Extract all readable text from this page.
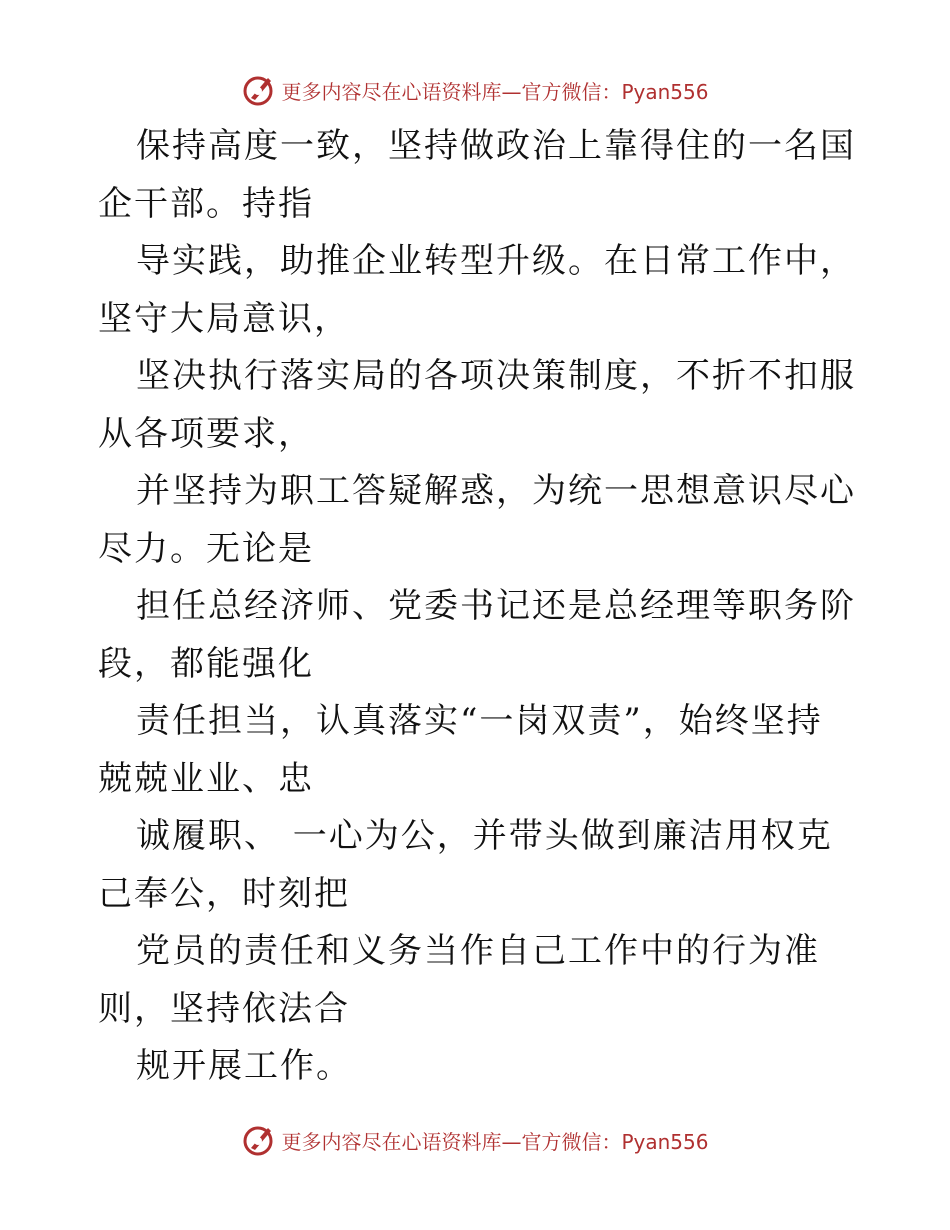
更多内容尽在心语资料库—官方微信：Pyan556

保持高度一致，坚持做政治上靠得住的一名国企干部。持指

导实践，助推企业转型升级。在日常工作中，坚守大局意识，

坚决执行落实局的各项决策制度，不折不扣服从各项要求，

并坚持为职工答疑解惑，为统一思想意识尽心尽力。无论是

担任总经济师、党委书记还是总经理等职务阶段，都能强化

责任担当，认真落实“一岗双责”，始终坚持兢兢业业、忠

诚履职、 一心为公，并带头做到廉洁用权克己奉公，时刻把

党员的责任和义务当作自己工作中的行为准则，坚持依法合

规开展工作。

更多内容尽在心语资料库—官方微信：Pyan556
